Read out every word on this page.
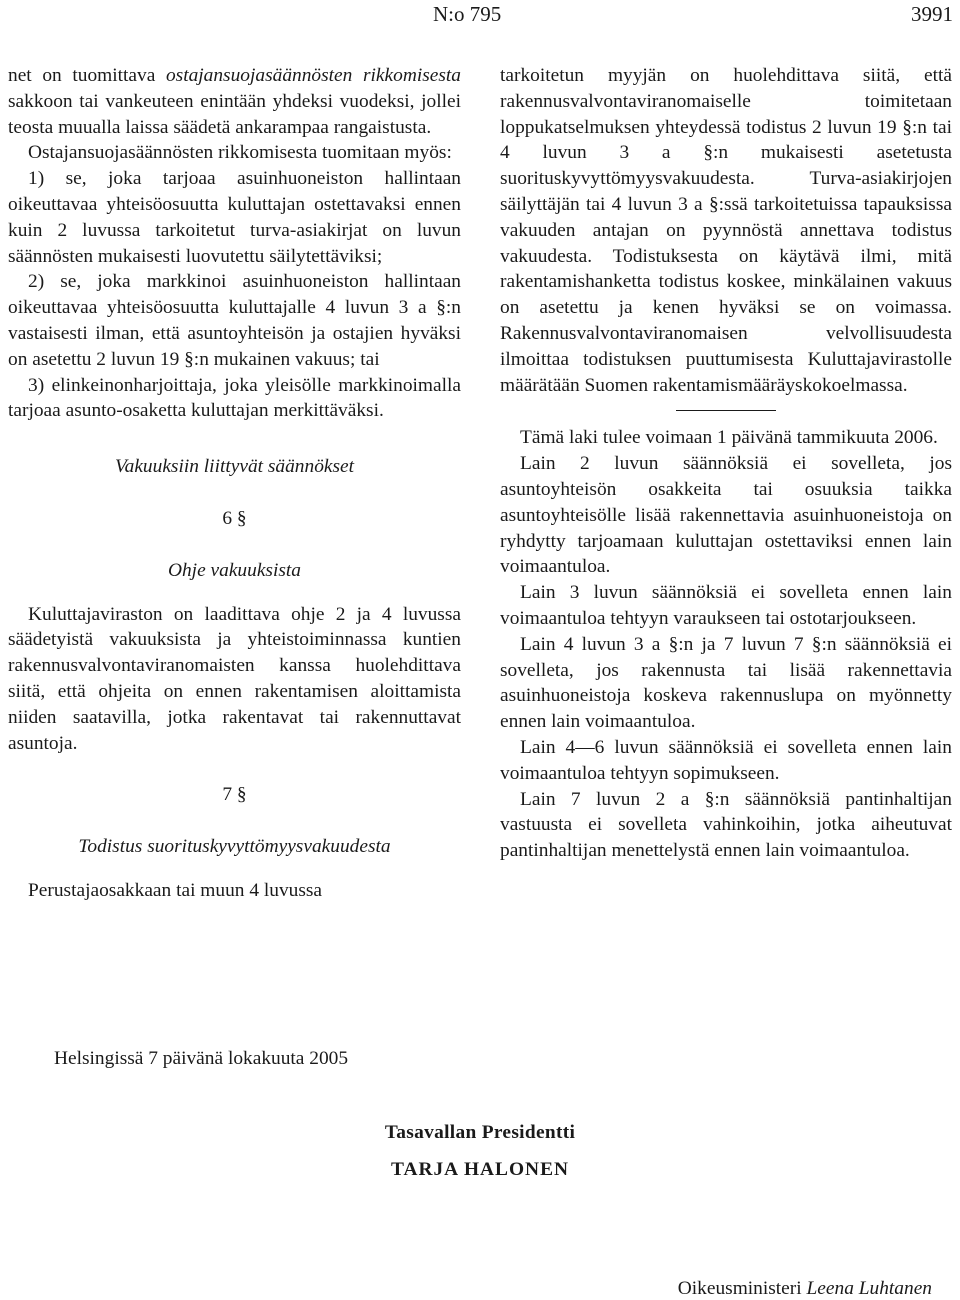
N:o 795	3991

net on tuomittava ostajansuojasäännösten rikkomisesta sakkoon tai vankeuteen enintään yhdeksi vuodeksi, jollei teosta muualla laissa säädetä ankarampaa rangaistusta.

Ostajansuojasäännösten rikkomisesta tuomitaan myös:

1) se, joka tarjoaa asuinhuoneiston hallintaan oikeuttavaa yhteisöosuutta kuluttajan ostettavaksi ennen kuin 2 luvussa tarkoitetut turva-asiakirjat on luvun säännösten mukaisesti luovutettu säilytettäviksi;

2) se, joka markkinoi asuinhuoneiston hallintaan oikeuttavaa yhteisöosuutta kuluttajalle 4 luvun 3 a §:n vastaisesti ilman, että asuntoyhteisön ja ostajien hyväksi on asetettu 2 luvun 19 §:n mukainen vakuus; tai

3) elinkeinonharjoittaja, joka yleisölle markkinoimalla tarjoaa asunto-osaketta kuluttajan merkittäväksi.

Vakuuksiin liittyvät säännökset

6 §

Ohje vakuuksista

Kuluttajaviraston on laadittava ohje 2 ja 4 luvussa säädetyistä vakuuksista ja yhteistoiminnassa kuntien rakennusvalvontaviranomaisten kanssa huolehdittava siitä, että ohjeita on ennen rakentamisen aloittamista niiden saatavilla, jotka rakentavat tai rakennuttavat asuntoja.

7 §

Todistus suorituskyvyttömyysvakuudesta

Perustajaosakkaan tai muun 4 luvussa

tarkoitetun myyjän on huolehdittava siitä, että rakennusvalvontaviranomaiselle toimitetaan loppukatselmuksen yhteydessä todistus 2 luvun 19 §:n tai 4 luvun 3 a §:n mukaisesti asetetusta suorituskyvyttömyysvakuudesta. Turva-asiakirjojen säilyttäjän tai 4 luvun 3 a §:ssä tarkoitetuissa tapauksissa vakuuden antajan on pyynnöstä annettava todistus vakuudesta. Todistuksesta on käytävä ilmi, mitä rakentamishanketta todistus koskee, minkälainen vakuus on asetettu ja kenen hyväksi se on voimassa. Rakennusvalvontaviranomaisen velvollisuudesta ilmoittaa todistuksen puuttumisesta Kuluttajavirastolle määrätään Suomen rakentamismääräyskokoelmassa.

Tämä laki tulee voimaan 1 päivänä tammikuuta 2006.

Lain 2 luvun säännöksiä ei sovelleta, jos asuntoyhteisön osakkeita tai osuuksia taikka asuntoyhteisölle lisää rakennettavia asuinhuoneistoja on ryhdytty tarjoamaan kuluttajan ostettaviksi ennen lain voimaantuloa.

Lain 3 luvun säännöksiä ei sovelleta ennen lain voimaantuloa tehtyyn varaukseen tai ostotarjoukseen.

Lain 4 luvun 3 a §:n ja 7 luvun 7 §:n säännöksiä ei sovelleta, jos rakennusta tai lisää rakennettavia asuinhuoneistoja koskeva rakennuslupa on myönnetty ennen lain voimaantuloa.

Lain 4—6 luvun säännöksiä ei sovelleta ennen lain voimaantuloa tehtyyn sopimukseen.

Lain 7 luvun 2 a §:n säännöksiä pantinhaltijan vastuusta ei sovelleta vahinkoihin, jotka aiheutuvat pantinhaltijan menettelystä ennen lain voimaantuloa.

Helsingissä 7 päivänä lokakuuta 2005
Tasavallan Presidentti
TARJA HALONEN
Oikeusministeri Leena Luhtanen
